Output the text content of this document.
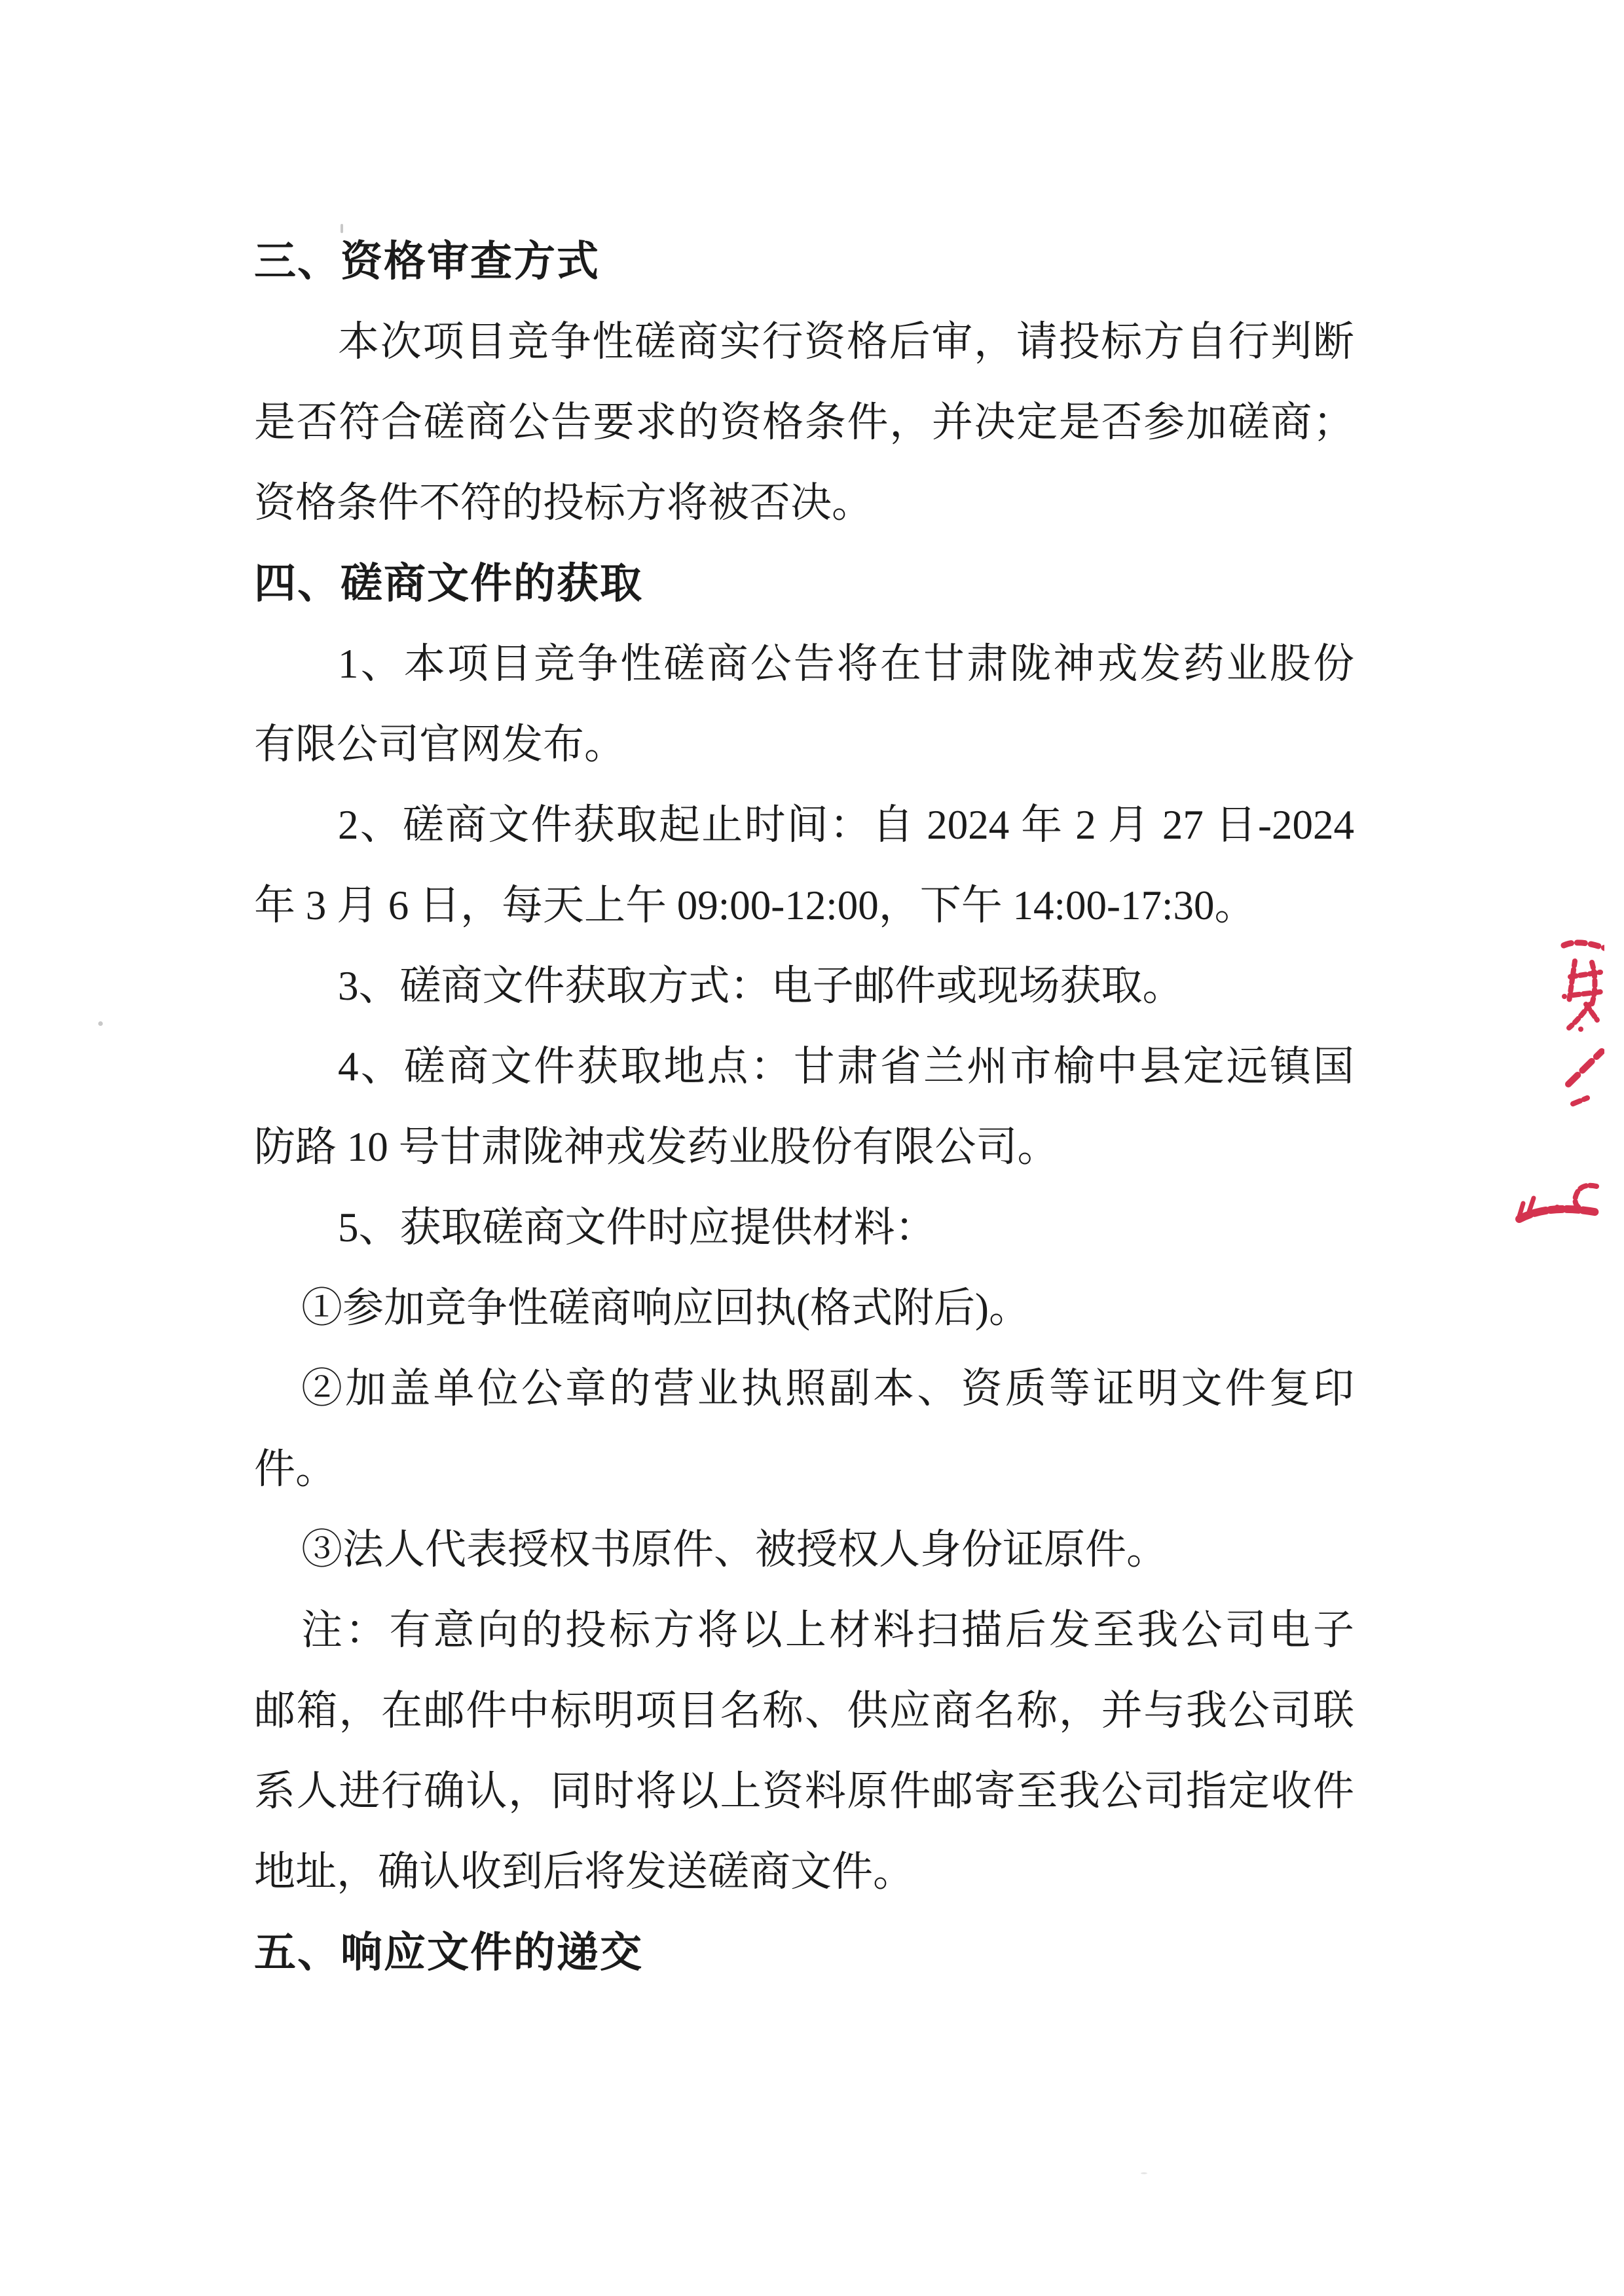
三、资格审查方式
本次项目竞争性磋商实行资格后审，请投标方自行判断
是否符合磋商公告要求的资格条件，并决定是否参加磋商；
资格条件不符的投标方将被否决。
四、磋商文件的获取
1、本项目竞争性磋商公告将在甘肃陇神戎发药业股份
有限公司官网发布。
2、磋商文件获取起止时间：自 2024 年 2 月 27 日-2024
年 3 月 6 日，每天上午 09:00-12:00，下午 14:00-17:30。
3、磋商文件获取方式：电子邮件或现场获取。
4、磋商文件获取地点：甘肃省兰州市榆中县定远镇国
防路 10 号甘肃陇神戎发药业股份有限公司。
5、获取磋商文件时应提供材料：
①参加竞争性磋商响应回执(格式附后)。
②加盖单位公章的营业执照副本、资质等证明文件复印
件。
③法人代表授权书原件、被授权人身份证原件。
注：有意向的投标方将以上材料扫描后发至我公司电子
邮箱，在邮件中标明项目名称、供应商名称，并与我公司联
系人进行确认，同时将以上资料原件邮寄至我公司指定收件
地址，确认收到后将发送磋商文件。
五、响应文件的递交
